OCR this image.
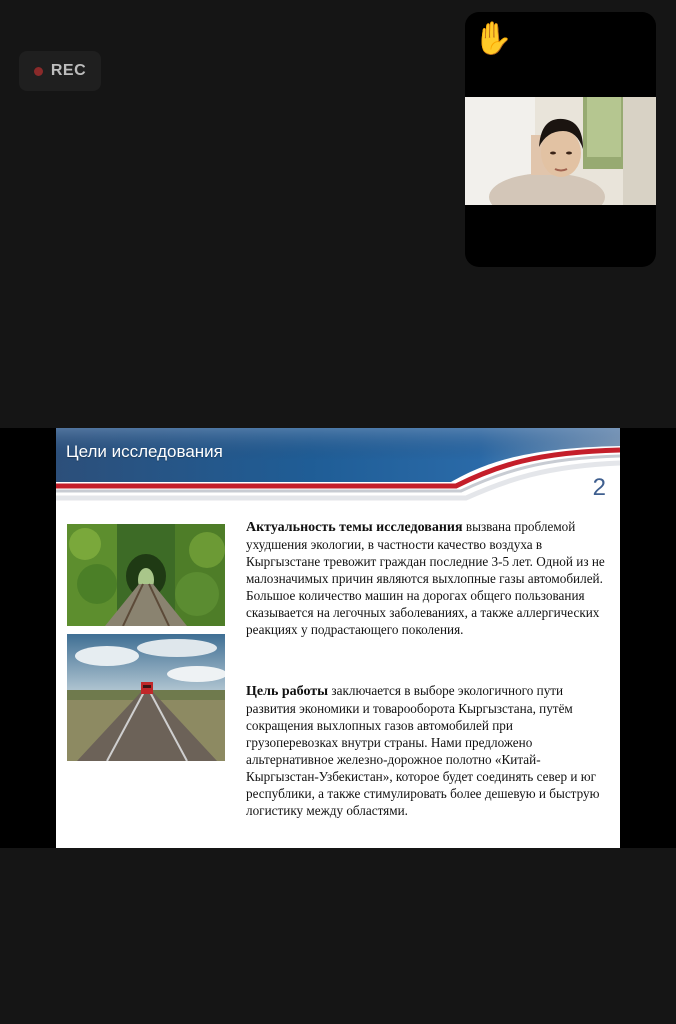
REC
✋
Цели исследования
2
Актуальность темы исследования вызвана проблемой ухудшения экологии, в частности качество воздуха в Кыргызстане тревожит граждан последние 3-5 лет. Одной из не малозначимых причин являются выхлопные газы автомобилей. Большое количество машин на дорогах общего пользования сказывается на легочных заболеваниях, а также аллергических реакциях у подрастающего поколения.
Цель работы заключается в выборе экологичного пути развития экономики и товарооборота Кыргызстана, путём сокращения выхлопных газов автомобилей при грузоперевозках внутри страны. Нами предложено альтернативное железно-дорожное полотно «Китай-Кыргызстан-Узбекистан», которое будет соединять север и юг республики, а также стимулировать более дешевую и быструю логистику между областями.
